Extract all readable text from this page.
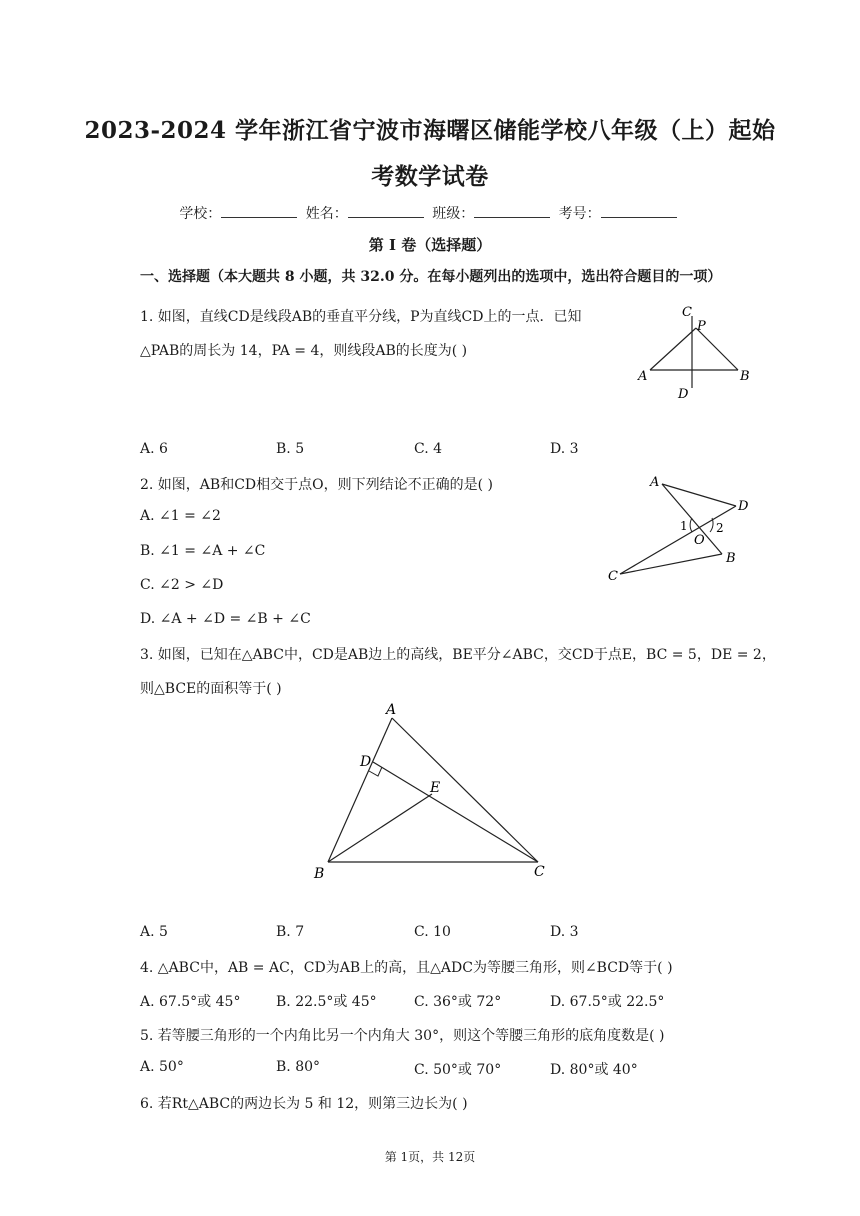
2023-2024 学年浙江省宁波市海曙区储能学校八年级（上）起始
考数学试卷
学校：	姓名：	班级：	考号：
第 I 卷（选择题）
一、选择题（本大题共 8 小题，共 32.0 分。在每小题列出的选项中，选出符合题目的一项）
1. 如图，直线CD是线段AB的垂直平分线，P为直线CD上的一点．已知
△PAB的周长为 14，PA = 4，则线段AB的长度为( )
C
P
A	B
D
A. 6	B. 5	C. 4	D. 3
2. 如图，AB和CD相交于点O，则下列结论不正确的是( )
A. ∠1 = ∠2
B. ∠1 = ∠A + ∠C
C. ∠2 > ∠D
D. ∠A + ∠D = ∠B + ∠C
A
D
1 2
O
B
C
3. 如图，已知在△ABC中，CD是AB边上的高线，BE平分∠ABC，交CD于点E，BC = 5，DE = 2，
则△BCE的面积等于( )
A
D
E
B	C
A. 5	B. 7	C. 10	D. 3
4. △ABC中，AB = AC，CD为AB上的高，且△ADC为等腰三角形，则∠BCD等于( )
A. 67.5°或 45°	B. 22.5°或 45°	C. 36°或 72°	D. 67.5°或 22.5°
5. 若等腰三角形的一个内角比另一个内角大 30°，则这个等腰三角形的底角度数是( )
A. 50°	B. 80°	C. 50°或 70°	D. 80°或 40°
6. 若Rt△ABC的两边长为 5 和 12，则第三边长为( )
第 1页，共 12页
